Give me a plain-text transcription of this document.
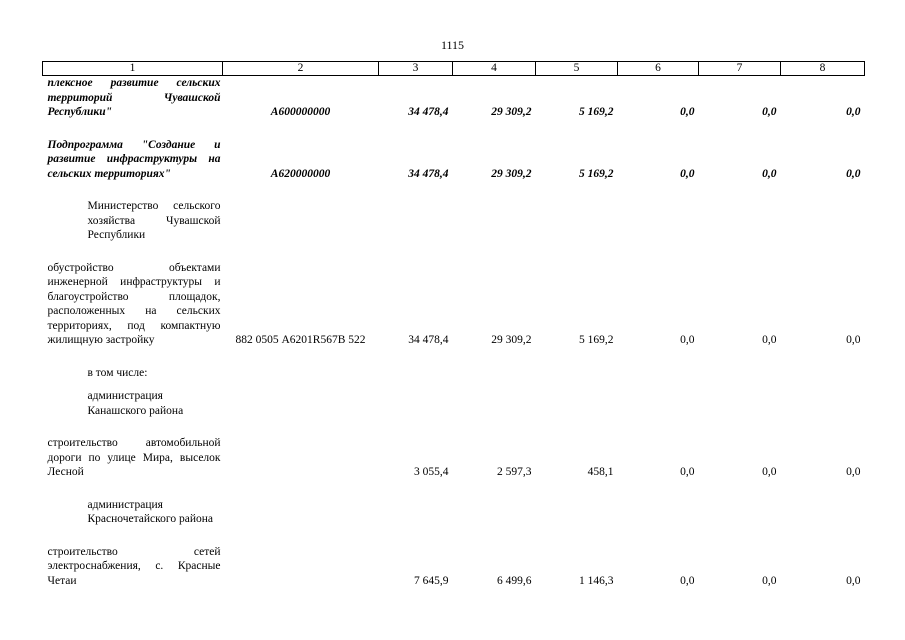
1115
1	2	3	4	5	6	7	8
плексное развитие сельских территорий Чувашской Республики"	А600000000	34 478,4	29 309,2	5 169,2	0,0	0,0	0,0
Подпрограмма "Создание и развитие инфраструктуры на сельских территориях"	А620000000	34 478,4	29 309,2	5 169,2	0,0	0,0	0,0
Министерство сельского хозяйства Чувашской Республики							
обустройство объектами инженерной инфраструктуры и благоустройство площадок, расположенных на сельских территориях, под компактную жилищную застройку	882 0505 А6201R567В 522	34 478,4	29 309,2	5 169,2	0,0	0,0	0,0
в том числе:							
администрация Канашского района							
строительство автомобильной дороги по улице Мира, выселок Лесной		3 055,4	2 597,3	458,1	0,0	0,0	0,0
администрация Красночетайского района							
строительство сетей электроснабжения, с. Красные Четаи		7 645,9	6 499,6	1 146,3	0,0	0,0	0,0
